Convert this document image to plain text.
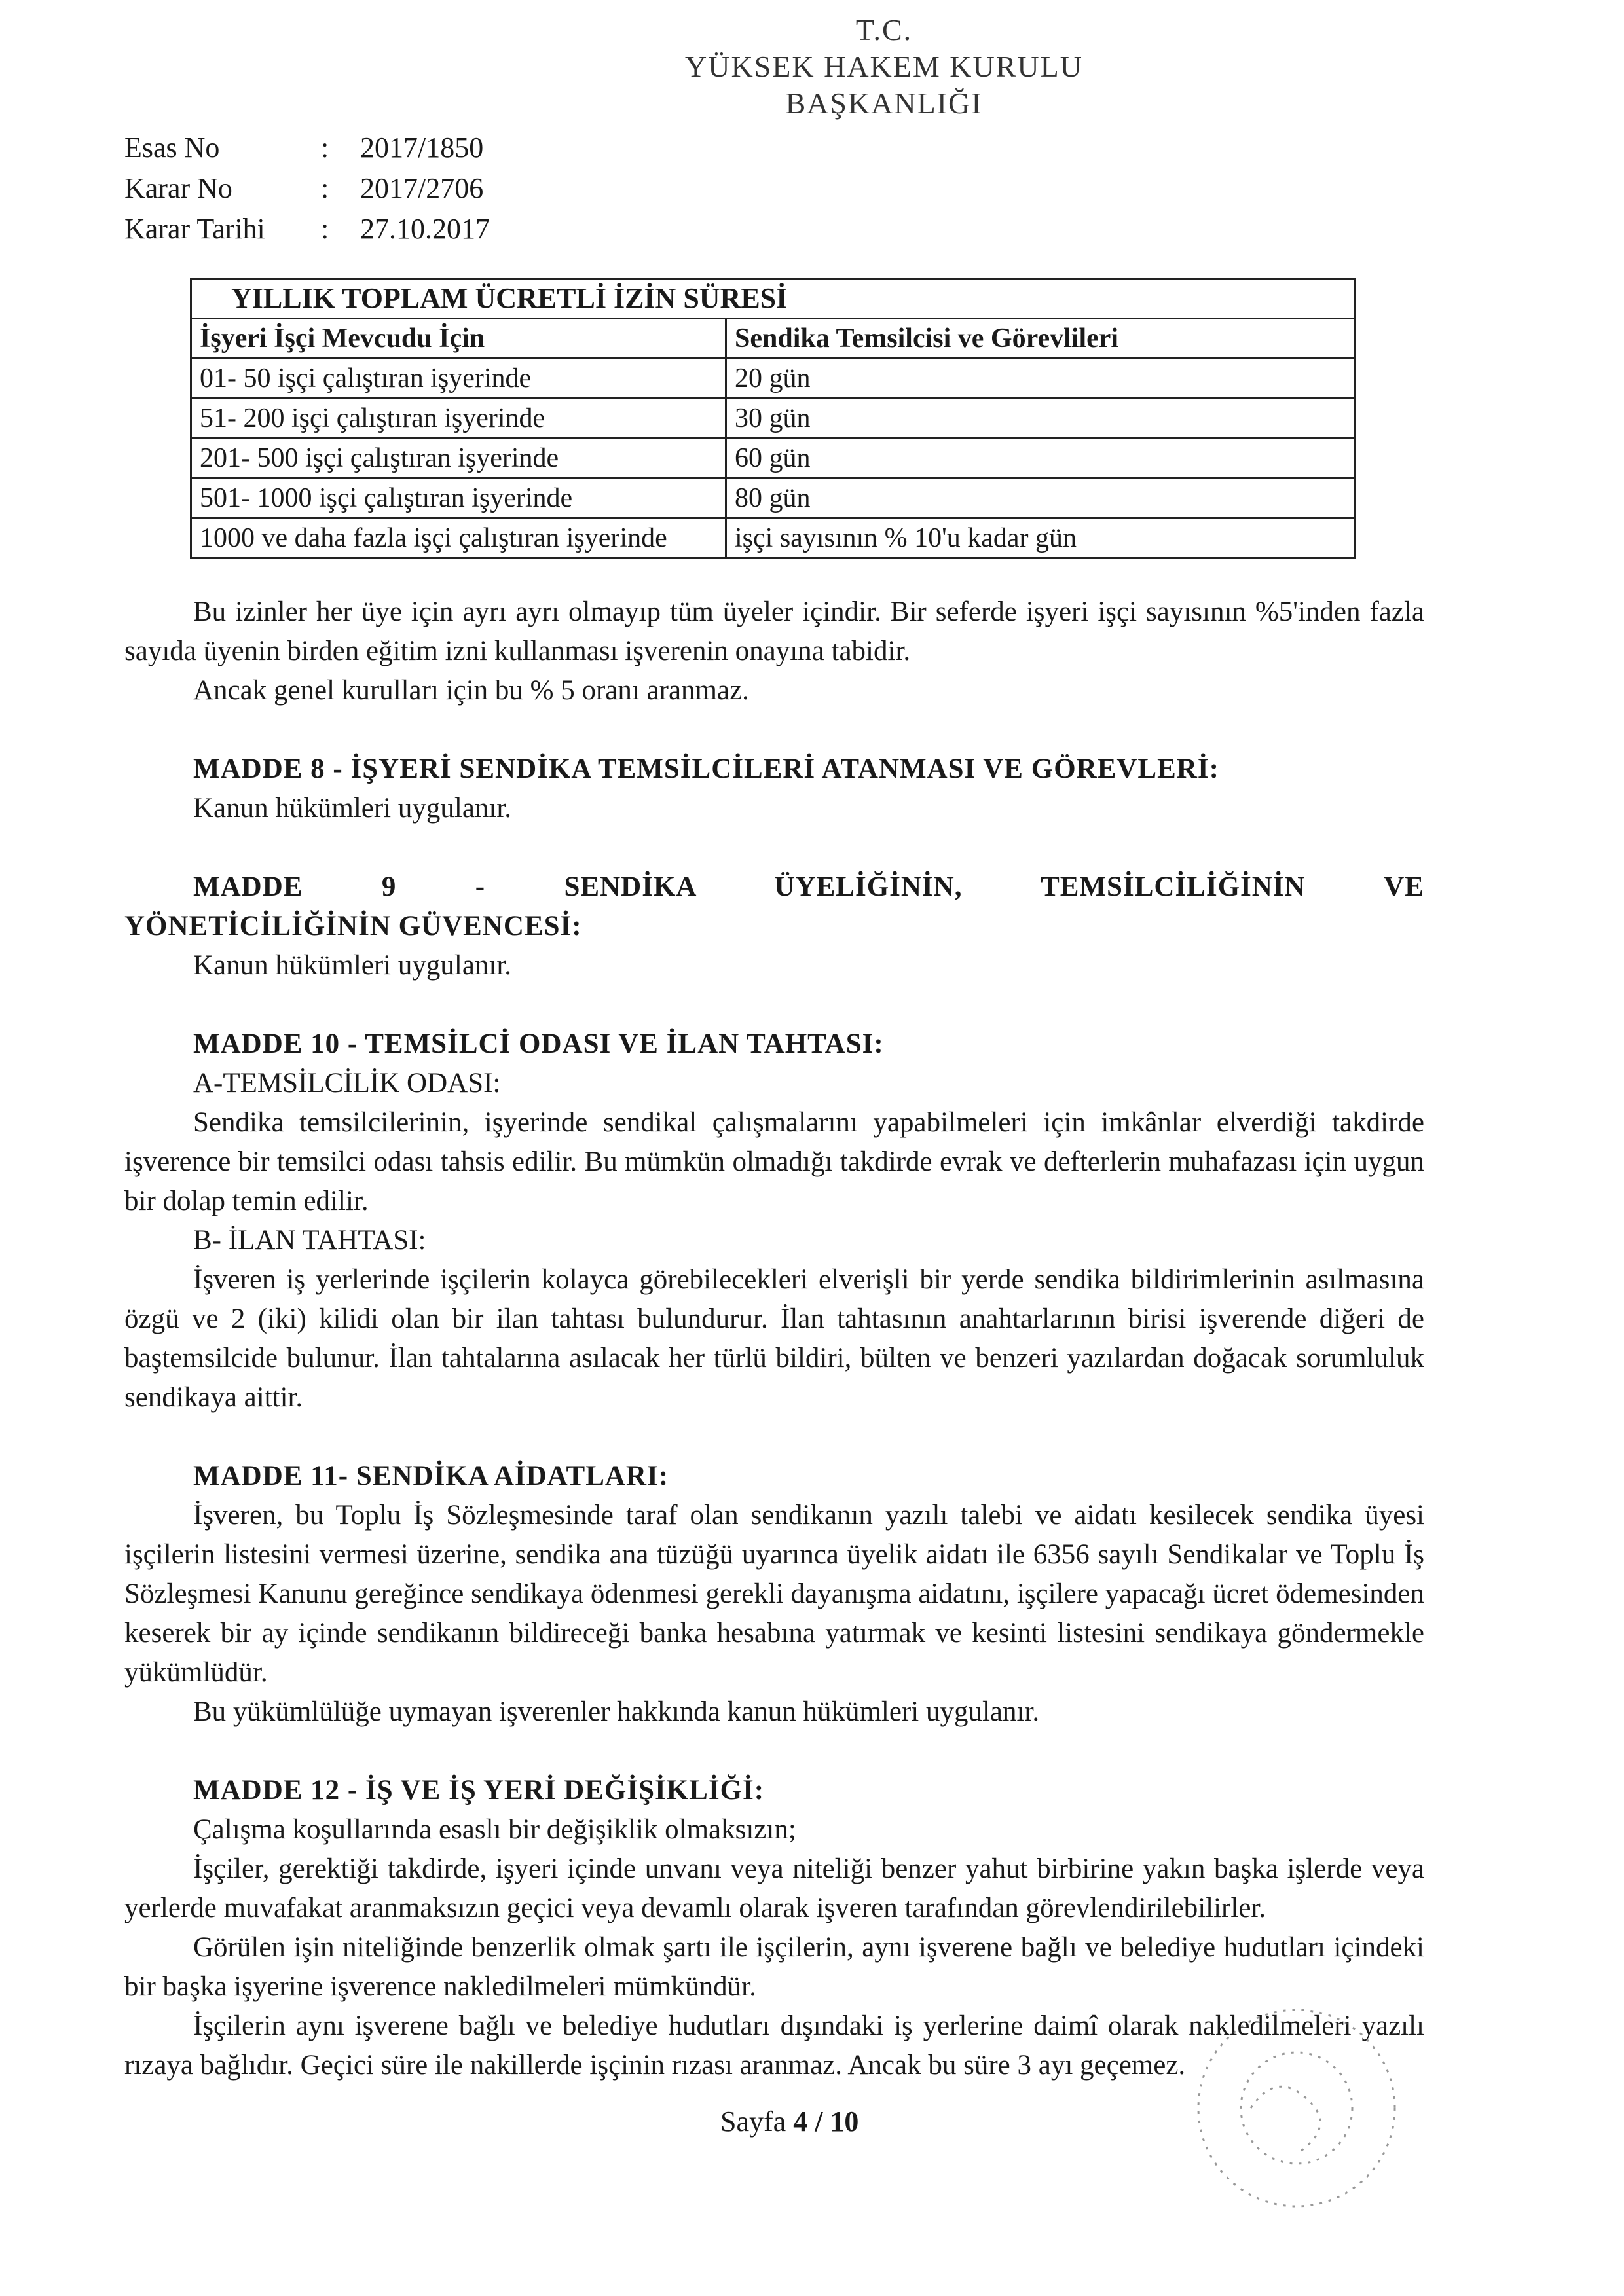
T.C.
YÜKSEK HAKEM KURULU
BAŞKANLIĞI
Esas No	:	2017/1850
Karar No	:	2017/2706
Karar Tarihi	:	27.10.2017
YILLIK TOPLAM ÜCRETLİ İZİN SÜRESİ	
İşyeri İşçi Mevcudu İçin	Sendika Temsilcisi ve Görevlileri
01- 50 işçi çalıştıran işyerinde	20 gün
51- 200 işçi çalıştıran işyerinde	30 gün
201- 500 işçi çalıştıran işyerinde	60 gün
501- 1000 işçi çalıştıran işyerinde	80 gün
1000 ve daha fazla işçi çalıştıran işyerinde	işçi sayısının % 10'u kadar gün

Bu izinler her üye için ayrı ayrı olmayıp tüm üyeler içindir. Bir seferde işyeri işçi sayısının %5'inden fazla sayıda üyenin birden eğitim izni kullanması işverenin onayına tabidir.

Ancak genel kurulları için bu % 5 oranı aranmaz.

MADDE 8 - İŞYERİ SENDİKA TEMSİLCİLERİ ATANMASI VE GÖREVLERİ:

Kanun hükümleri uygulanır.

MADDE 9 - SENDİKA ÜYELİĞİNİN, TEMSİLCİLİĞİNİN VE

YÖNETİCİLİĞİNİN GÜVENCESİ:

Kanun hükümleri uygulanır.

MADDE 10 - TEMSİLCİ ODASI VE İLAN TAHTASI:

A-TEMSİLCİLİK ODASI:

Sendika temsilcilerinin, işyerinde sendikal çalışmalarını yapabilmeleri için imkânlar elverdiği takdirde işverence bir temsilci odası tahsis edilir. Bu mümkün olmadığı takdirde evrak ve defterlerin muhafazası için uygun bir dolap temin edilir.

B- İLAN TAHTASI:

İşveren iş yerlerinde işçilerin kolayca görebilecekleri elverişli bir yerde sendika bildirimlerinin asılmasına özgü ve 2 (iki) kilidi olan bir ilan tahtası bulundurur. İlan tahtasının anahtarlarının birisi işverende diğeri de baştemsilcide bulunur. İlan tahtalarına asılacak her türlü bildiri, bülten ve benzeri yazılardan doğacak sorumluluk sendikaya aittir.

MADDE 11- SENDİKA AİDATLARI:

İşveren, bu Toplu İş Sözleşmesinde taraf olan sendikanın yazılı talebi ve aidatı kesilecek sendika üyesi işçilerin listesini vermesi üzerine, sendika ana tüzüğü uyarınca üyelik aidatı ile 6356 sayılı Sendikalar ve Toplu İş Sözleşmesi Kanunu gereğince sendikaya ödenmesi gerekli dayanışma aidatını, işçilere yapacağı ücret ödemesinden keserek bir ay içinde sendikanın bildireceği banka hesabına yatırmak ve kesinti listesini sendikaya göndermekle yükümlüdür.

Bu yükümlülüğe uymayan işverenler hakkında kanun hükümleri uygulanır.

MADDE 12 - İŞ VE İŞ YERİ DEĞİŞİKLİĞİ:

Çalışma koşullarında esaslı bir değişiklik olmaksızın;

İşçiler, gerektiği takdirde, işyeri içinde unvanı veya niteliği benzer yahut birbirine yakın başka işlerde veya yerlerde muvafakat aranmaksızın geçici veya devamlı olarak işveren tarafından görevlendirilebilirler.

Görülen işin niteliğinde benzerlik olmak şartı ile işçilerin, aynı işverene bağlı ve belediye hudutları içindeki bir başka işyerine işverence nakledilmeleri mümkündür.

İşçilerin aynı işverene bağlı ve belediye hudutları dışındaki iş yerlerine daimî olarak nakledilmeleri yazılı rızaya bağlıdır. Geçici süre ile nakillerde işçinin rızası aranmaz. Ancak bu süre 3 ayı geçemez.

Sayfa 4 / 10
